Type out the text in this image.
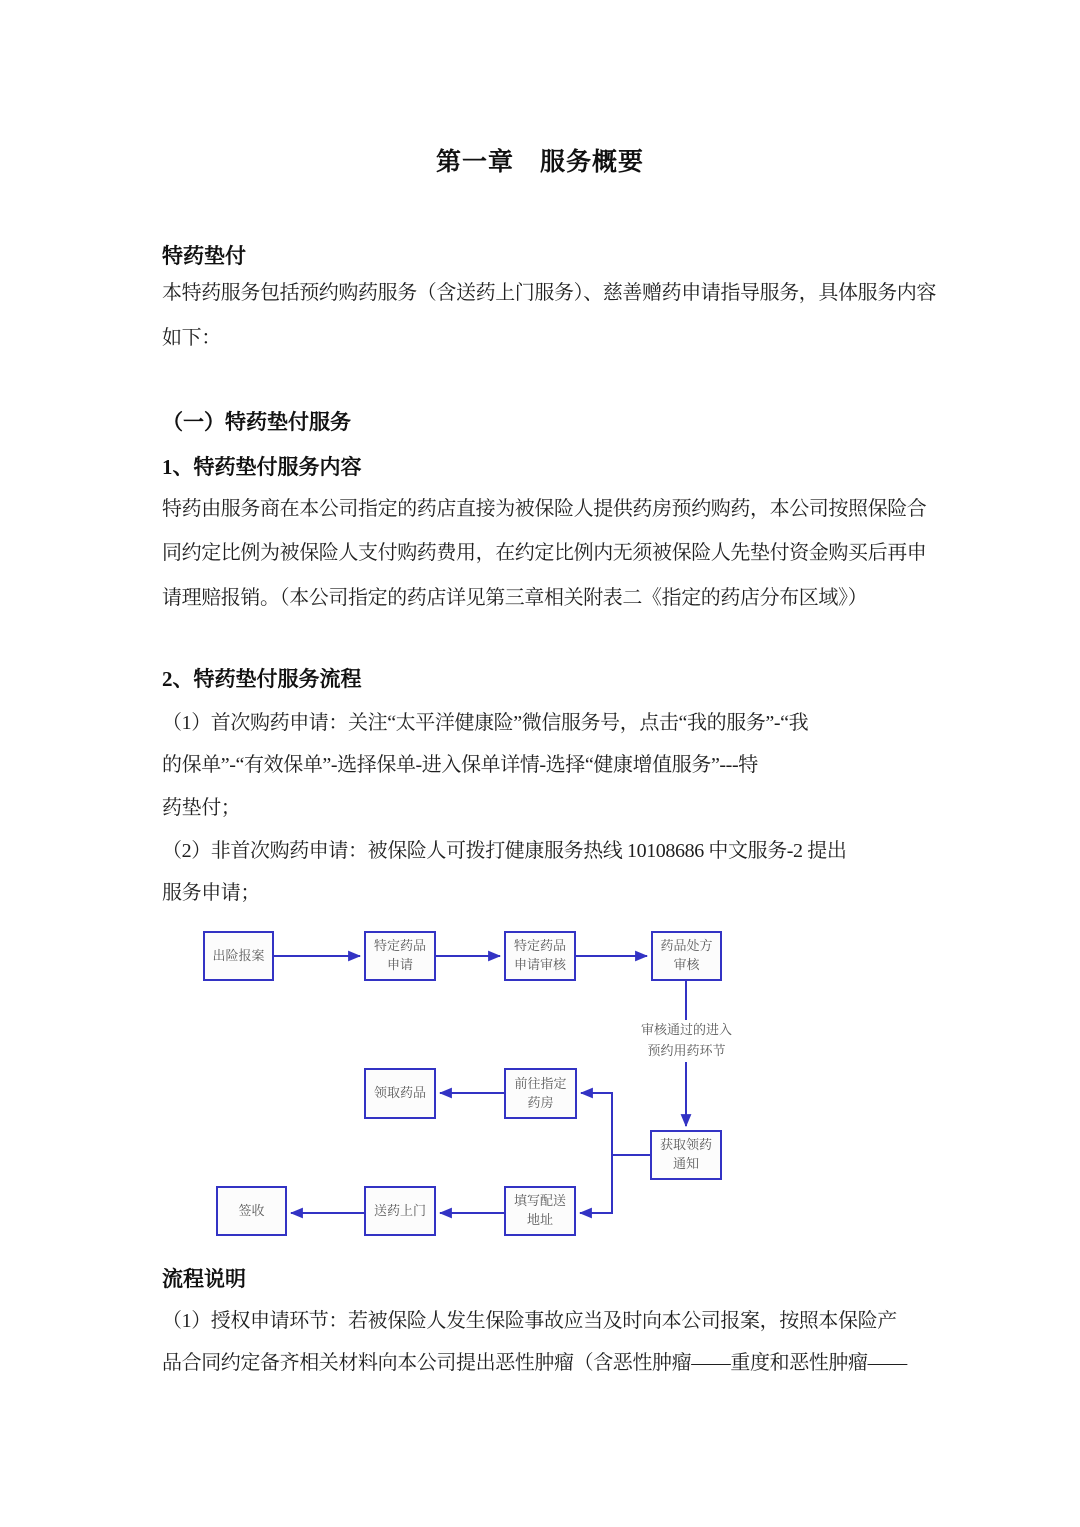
第一章　服务概要
特药垫付
本特药服务包括预约购药服务（含送药上门服务）、慈善赠药申请指导服务，具体服务内容
如下：
（一）特药垫付服务
1、特药垫付服务内容
特药由服务商在本公司指定的药店直接为被保险人提供药房预约购药，本公司按照保险合
同约定比例为被保险人支付购药费用，在约定比例内无须被保险人先垫付资金购买后再申
请理赔报销。（本公司指定的药店详见第三章相关附表二《指定的药店分布区域》）
2、特药垫付服务流程
（1）首次购药申请：关注“太平洋健康险”微信服务号，点击“我的服务”-“我
的保单”-“有效保单”-选择保单-进入保单详情-选择“健康增值服务”---特
药垫付；
（2）非首次购药申请：被保险人可拨打健康服务热线 10108686 中文服务-2 提出
服务申请；
出险报案
特定药品申请
特定药品申请审核
药品处方审核
领取药品
前往指定药房
获取领药通知
签收	送药上门
填写配送地址
审核通过的进入
预约用药环节
流程说明
（1）授权申请环节：若被保险人发生保险事故应当及时向本公司报案，按照本保险产
品合同约定备齐相关材料向本公司提出恶性肿瘤（含恶性肿瘤——重度和恶性肿瘤——
